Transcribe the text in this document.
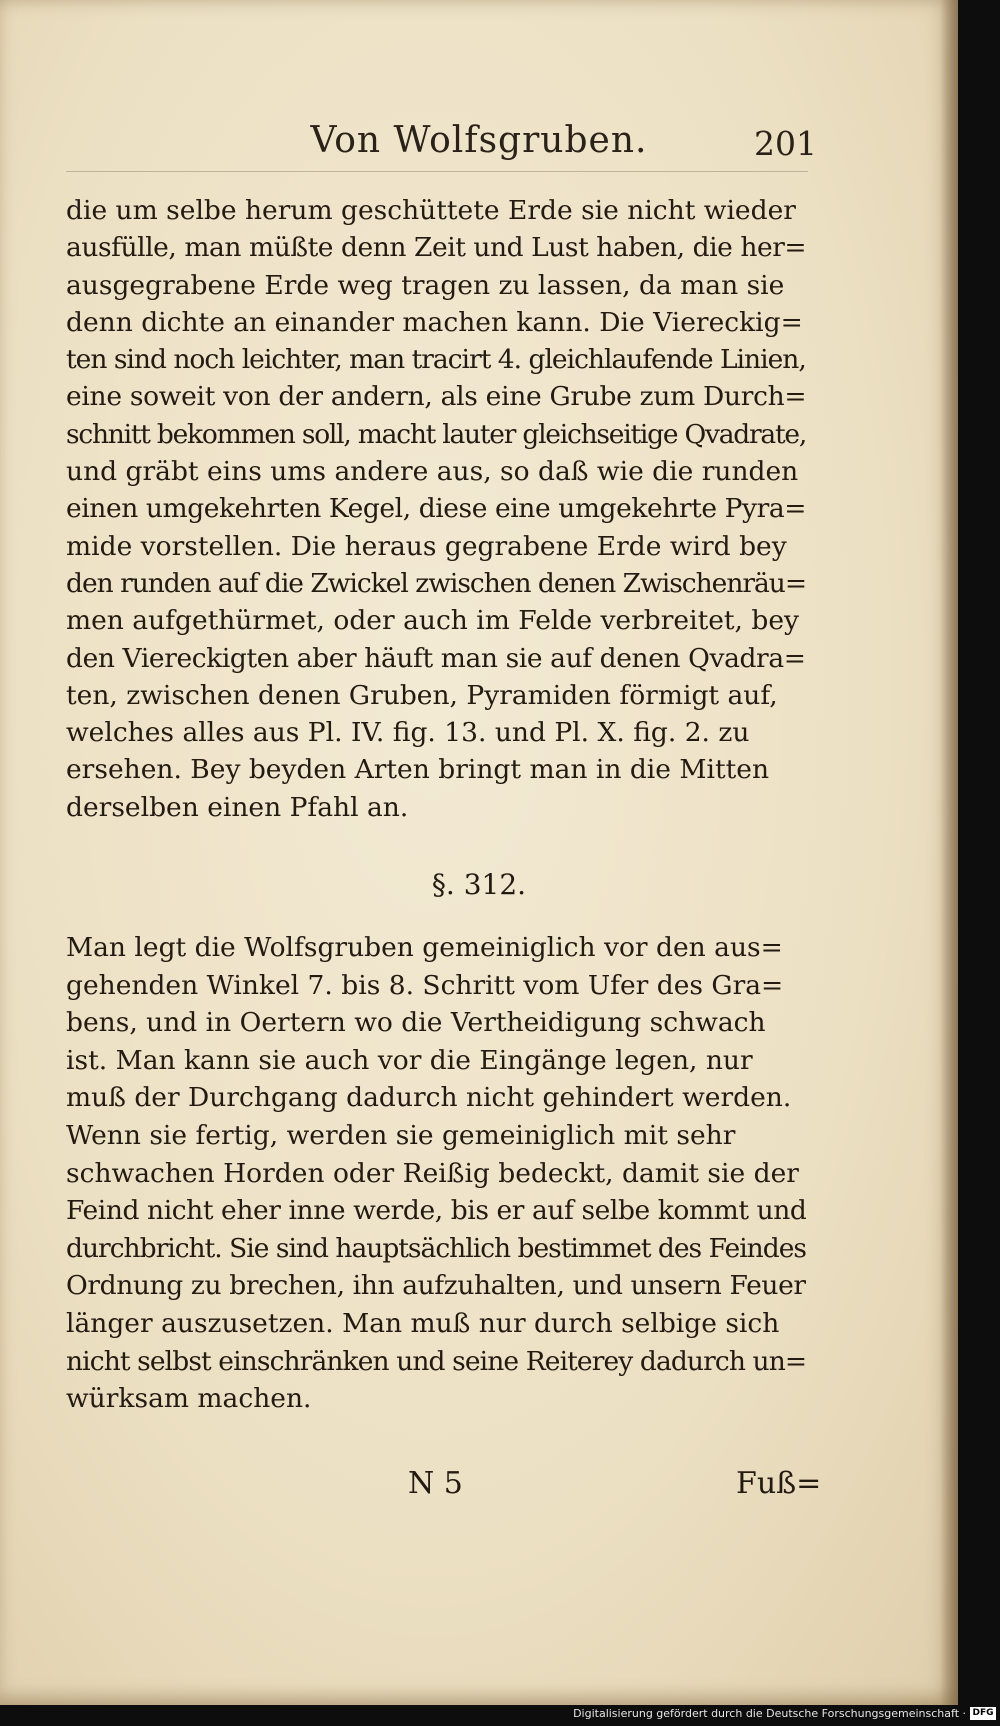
Von Wolfsgruben.	201
die um selbe herum geschüttete Erde sie nicht wieder
ausfülle, man müßte denn Zeit und Lust haben, die her=
ausgegrabene Erde weg tragen zu lassen, da man sie
denn dichte an einander machen kann. Die Viereckig=
ten sind noch leichter, man tracirt 4. gleichlaufende Linien,
eine soweit von der andern, als eine Grube zum Durch=
schnitt bekommen soll, macht lauter gleichseitige Qvadrate,
und gräbt eins ums andere aus, so daß wie die runden
einen umgekehrten Kegel, diese eine umgekehrte Pyra=
mide vorstellen. Die heraus gegrabene Erde wird bey
den runden auf die Zwickel zwischen denen Zwischenräu=
men aufgethürmet, oder auch im Felde verbreitet, bey
den Viereckigten aber häuft man sie auf denen Qvadra=
ten, zwischen denen Gruben, Pyramiden förmigt auf,
welches alles aus Pl. IV. fig. 13. und Pl. X. fig. 2. zu
ersehen. Bey beyden Arten bringt man in die Mitten
derselben einen Pfahl an.
§. 312.
Man legt die Wolfsgruben gemeiniglich vor den aus=
gehenden Winkel 7. bis 8. Schritt vom Ufer des Gra=
bens, und in Oertern wo die Vertheidigung schwach
ist. Man kann sie auch vor die Eingänge legen, nur
muß der Durchgang dadurch nicht gehindert werden.
Wenn sie fertig, werden sie gemeiniglich mit sehr
schwachen Horden oder Reißig bedeckt, damit sie der
Feind nicht eher inne werde, bis er auf selbe kommt und
durchbricht. Sie sind hauptsächlich bestimmet des Feindes
Ordnung zu brechen, ihn aufzuhalten, und unsern Feuer
länger auszusetzen. Man muß nur durch selbige sich
nicht selbst einschränken und seine Reiterey dadurch un=
würksam machen.
N 5	Fuß=
Digitalisierung gefördert durch die Deutsche Forschungsgemeinschaft · DFG
